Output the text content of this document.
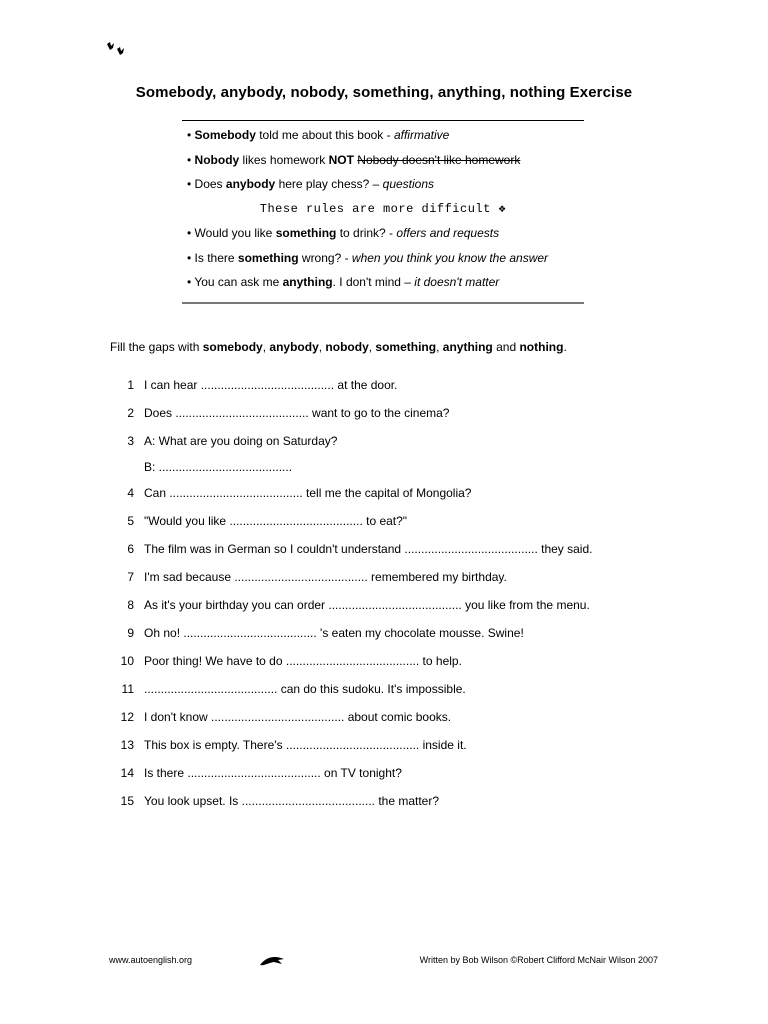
Somebody, anybody, nobody, something, anything, nothing Exercise
• Somebody told me about this book - affirmative
• Nobody likes homework NOT Nobody doesn't like homework
• Does anybody here play chess? – questions
These rules are more difficult ❖
• Would you like something to drink? - offers and requests
• Is there something wrong? - when you think you know the answer
• You can ask me anything. I don't mind – it doesn't matter
Fill the gaps with somebody, anybody, nobody, something, anything and nothing.
1 I can hear ........................................ at the door.
2 Does ........................................ want to go to the cinema?
3 A: What are you doing on Saturday?
B: ........................................
4 Can ........................................ tell me the capital of Mongolia?
5 "Would you like ........................................ to eat?"
6 The film was in German so I couldn't understand ........................................ they said.
7 I'm sad because ........................................ remembered my birthday.
8 As it's your birthday you can order ........................................ you like from the menu.
9 Oh no! ........................................ 's eaten my chocolate mousse. Swine!
10 Poor thing! We have to do ........................................ to help.
11 ........................................ can do this sudoku. It's impossible.
12 I don't know ........................................ about comic books.
13 This box is empty. There's ........................................ inside it.
14 Is there ........................................ on TV tonight?
15 You look upset. Is ........................................ the matter?
www.autoenglish.org	Written by Bob Wilson ©Robert Clifford McNair Wilson 2007
